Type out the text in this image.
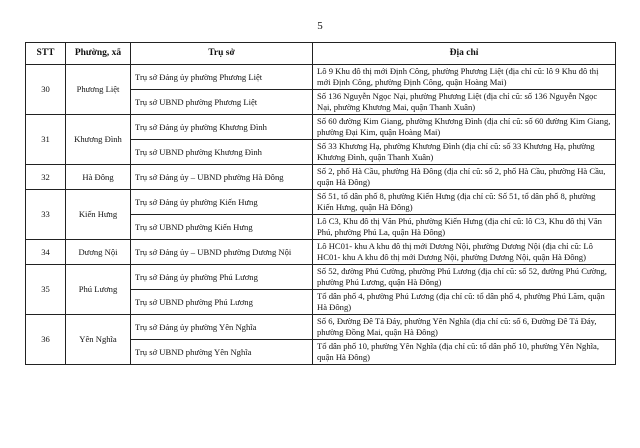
5
STT	Phường, xã	Trụ sở	Địa chỉ
30	Phương Liệt	Trụ sở Đảng ủy phường Phương Liệt	Lô 9 Khu đô thị mới Định Công, phường Phương Liệt (địa chỉ cũ: lô 9 Khu đô thị mới Định Công, phường Định Công, quận Hoàng Mai)
		Trụ sở UBND phường Phương Liệt	Số 136 Nguyễn Ngọc Nại, phường Phương Liệt (địa chỉ cũ: số 136 Nguyễn Ngọc Nại, phường Khương Mai, quận Thanh Xuân)
31	Khương Đình	Trụ sở Đảng ủy phường Khương Đình	Số 60 đường Kim Giang, phường Khương Đình (địa chỉ cũ: số 60 đường Kim Giang, phường Đại Kim, quận Hoàng Mai)
		Trụ sở UBND phường Khương Đình	Số 33 Khương Hạ, phường Khương Đình (địa chỉ cũ: số 33 Khương Hạ, phường Khương Đình, quận Thanh Xuân)
32	Hà Đông	Trụ sở Đảng ủy – UBND phường Hà Đông	Số 2, phố Hà Cầu, phường Hà Đông (địa chỉ cũ: số 2, phố Hà Cầu, phường Hà Cầu, quận Hà Đông)
33	Kiến Hưng	Trụ sở Đảng ủy phường Kiến Hưng	Số 51, tổ dân phố 8, phường Kiến Hưng (địa chỉ cũ: Số 51, tổ dân phố 8, phường Kiến Hưng, quận Hà Đông)
		Trụ sở UBND phường Kiến Hưng	Lô C3, Khu đô thị Văn Phú, phường Kiến Hưng (địa chỉ cũ: lô C3, Khu đô thị Văn Phú, phường Phú La, quận Hà Đông)
34	Dương Nội	Trụ sở Đảng ủy – UBND phường Dương Nội	Lô HC01- khu A khu đô thị mới Dương Nội, phường Dương Nội (địa chỉ cũ: Lô HC01- khu A khu đô thị mới Dương Nội, phường Dương Nội, quận Hà Đông)
35	Phú Lương	Trụ sở Đảng ủy phường Phú Lương	Số 52, đường Phú Cường, phường Phú Lương (địa chỉ cũ: số 52, đường Phú Cường, phường Phú Lương, quận Hà Đông)
		Trụ sở UBND phường Phú Lương	Tổ dân phố 4, phường Phú Lương (địa chỉ cũ: tổ dân phố 4, phường Phú Lãm, quận Hà Đông)
36	Yên Nghĩa	Trụ sở Đảng ủy phường Yên Nghĩa	Số 6, Đường Đê Tả Đáy, phường Yên Nghĩa (địa chỉ cũ: số 6, Đường Đê Tả Đáy, phường Đồng Mai, quận Hà Đông)
		Trụ sở UBND phường Yên Nghĩa	Tổ dân phố 10, phường Yên Nghĩa (địa chỉ cũ: tổ dân phố 10, phường Yên Nghĩa, quận Hà Đông)
